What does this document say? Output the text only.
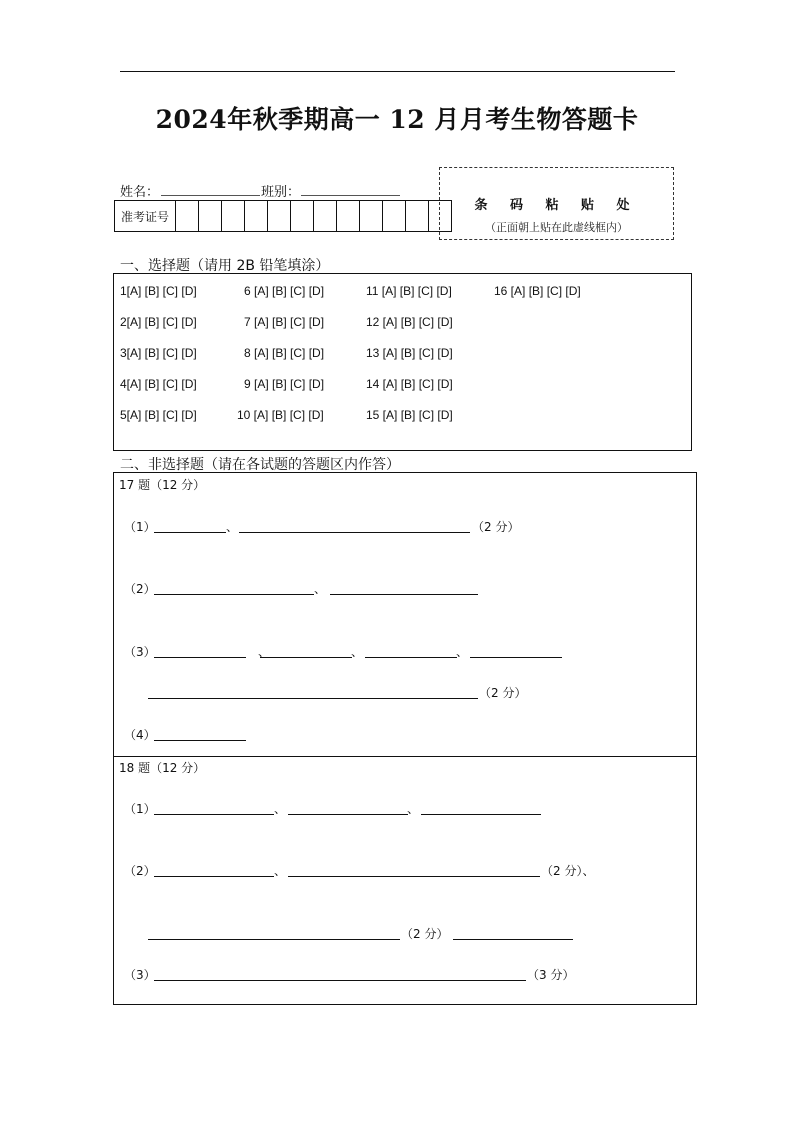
2024年秋季期高一 12 月月考生物答题卡
姓名：	班别：
准考证号
条 码 粘 贴 处
（正面朝上贴在此虚线框内）
一、选择题（请用 2B 铅笔填涂）
1[A] [B] [C] [D]
2[A] [B] [C] [D]
3[A] [B] [C] [D]
4[A] [B] [C] [D]
5[A] [B] [C] [D]
6 [A] [B] [C] [D]
7 [A] [B] [C] [D]
8 [A] [B] [C] [D]
9 [A] [B] [C] [D]
10 [A] [B] [C] [D]
11 [A] [B] [C] [D]
12 [A] [B] [C] [D]
13 [A] [B] [C] [D]
14 [A] [B] [C] [D]
15 [A] [B] [C] [D]
16 [A] [B] [C] [D]
二、非选择题（请在各试题的答题区内作答）
17 题（12 分）
（1）	、	（2 分）
（2）	、
（3）	、	、	、
（2 分）
（4）
18 题（12 分）
（1）	、	、
（2）	、	（2 分）、
（2 分）
（3）	（3 分）
